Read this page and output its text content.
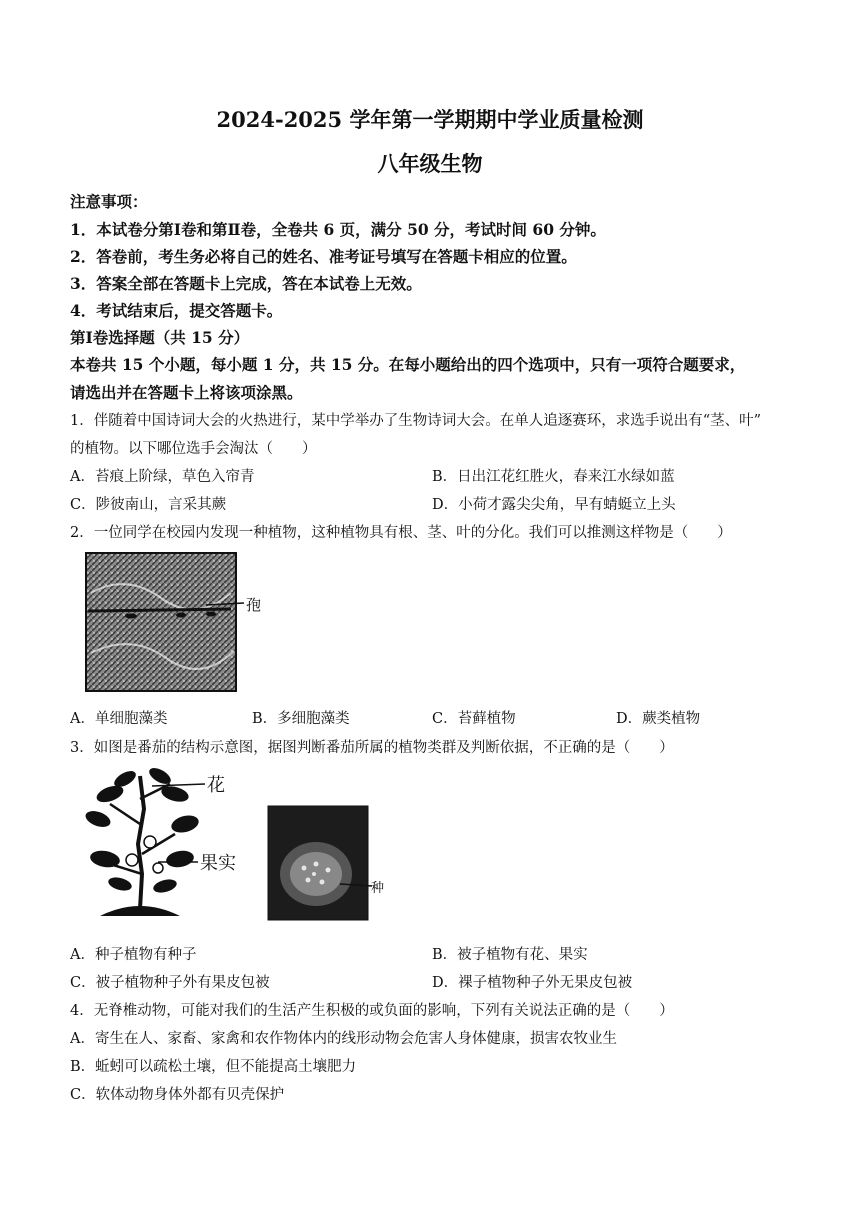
2024-2025 学年第一学期期中学业质量检测
八年级生物
注意事项：
1．本试卷分第Ⅰ卷和第Ⅱ卷，全卷共 6 页，满分 50 分，考试时间 60 分钟。
2．答卷前，考生务必将自己的姓名、准考证号填写在答题卡相应的位置。
3．答案全部在答题卡上完成，答在本试卷上无效。
4．考试结束后，提交答题卡。
第Ⅰ卷选择题（共 15 分）
本卷共 15 个小题，每小题 1 分，共 15 分。在每小题给出的四个选项中，只有一项符合题要求，
请选出并在答题卡上将该项涂黑。
1．伴随着中国诗词大会的火热进行，某中学举办了生物诗词大会。在单人追逐赛环，求选手说出有“茎、叶”
的植物。以下哪位选手会淘汰（　　）
A．苔痕上阶绿，草色入帘青	B．日出江花红胜火，春来江水绿如蓝
C．陟彼南山，言采其蕨	D．小荷才露尖尖角，早有蜻蜓立上头
2．一位同学在校园内发现一种植物，这种植物具有根、茎、叶的分化。我们可以推测这样物是（　　）
孢
A．单细胞藻类	B．多细胞藻类	C．苔藓植物	D．蕨类植物
3．如图是番茄的结构示意图，据图判断番茄所属的植物类群及判断依据，不正确的是（　　）
花
果实
种
A．种子植物有种子	B．被子植物有花、果实
C．被子植物种子外有果皮包被	D．裸子植物种子外无果皮包被
4．无脊椎动物，可能对我们的生活产生积极的或负面的影响，下列有关说法正确的是（　　）
A．寄生在人、家畜、家禽和农作物体内的线形动物会危害人身体健康，损害农牧业生
B．蚯蚓可以疏松土壤，但不能提高土壤肥力
C．软体动物身体外都有贝壳保护
